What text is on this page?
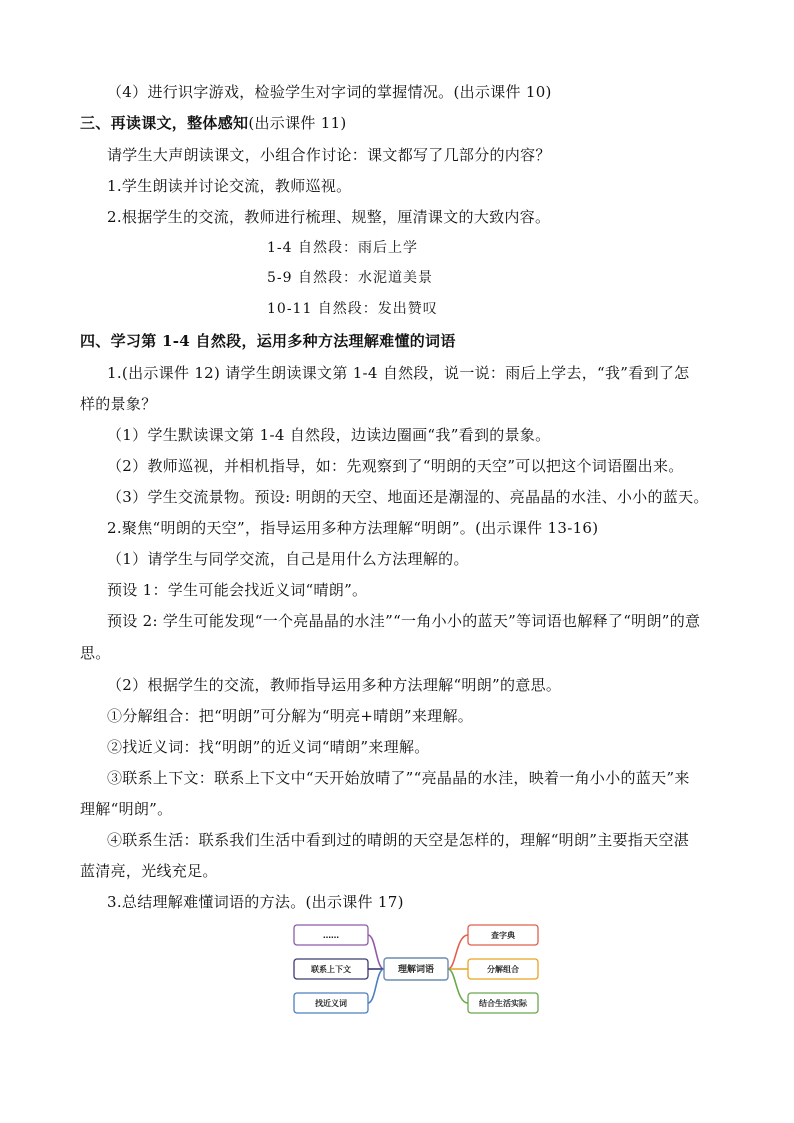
（4）进行识字游戏，检验学生对字词的掌握情况。(出示课件 10)
三、再读课文，整体感知(出示课件 11)
请学生大声朗读课文，小组合作讨论：课文都写了几部分的内容？
1.学生朗读并讨论交流，教师巡视。
2.根据学生的交流，教师进行梳理、规整，厘清课文的大致内容。
1-4 自然段：雨后上学
5-9 自然段：水泥道美景
10-11 自然段：发出赞叹
四、学习第 1-4 自然段，运用多种方法理解难懂的词语
1.(出示课件 12) 请学生朗读课文第 1-4 自然段，说一说：雨后上学去，“我”看到了怎
样的景象？
（1）学生默读课文第 1-4 自然段，边读边圈画“我”看到的景象。
（2）教师巡视，并相机指导，如：先观察到了“明朗的天空”可以把这个词语圈出来。
（3）学生交流景物。预设: 明朗的天空、地面还是潮湿的、亮晶晶的水洼、小小的蓝天。
2.聚焦“明朗的天空”，指导运用多种方法理解“明朗”。(出示课件 13-16)
（1）请学生与同学交流，自己是用什么方法理解的。
预设 1：学生可能会找近义词“晴朗”。
预设 2: 学生可能发现“一个亮晶晶的水洼”“一角小小的蓝天”等词语也解释了“明朗”的意
思。
（2）根据学生的交流，教师指导运用多种方法理解“明朗”的意思。
①分解组合：把“明朗”可分解为“明亮+晴朗”来理解。
②找近义词：找“明朗”的近义词“晴朗”来理解。
③联系上下文：联系上下文中“天开始放晴了”“亮晶晶的水洼，映着一角小小的蓝天”来
理解“明朗”。
④联系生活：联系我们生活中看到过的晴朗的天空是怎样的，理解“明朗”主要指天空湛
蓝清亮，光线充足。
3.总结理解难懂词语的方法。(出示课件 17)
理解词语
……
联系上下文
找近义词
查字典
分解组合
结合生活实际
